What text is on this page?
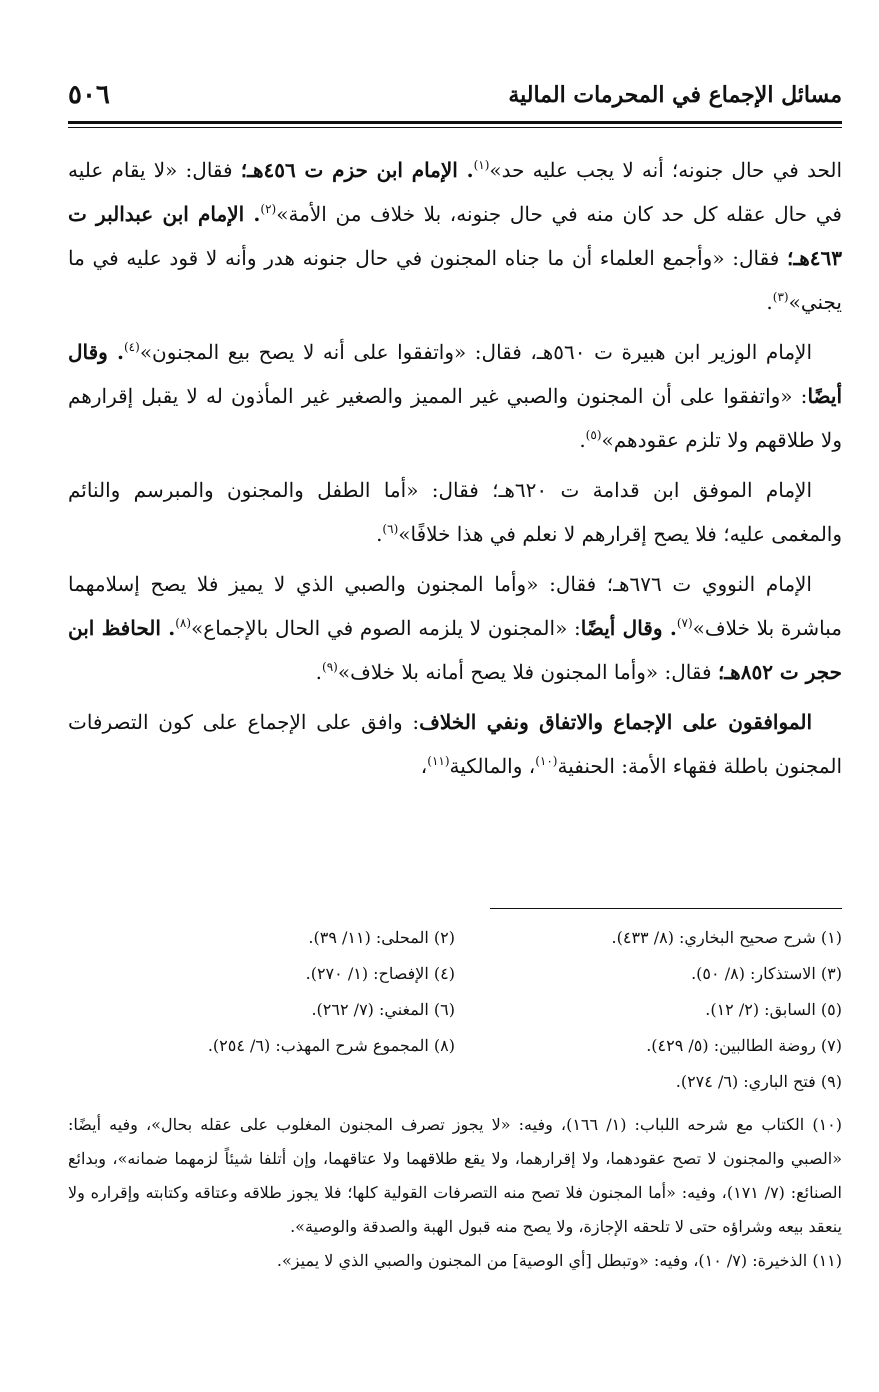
مسائل الإجماع في المحرمات المالية
٥٠٦

الحد في حال جنونه؛ أنه لا يجب عليه حد»$^{(١)}$. الإمام ابن حزم ت ٤٥٦هـ؛ فقال: «لا يقام عليه في حال عقله كل حد كان منه في حال جنونه، بلا خلاف من الأمة»$^{(٢)}$. الإمام ابن عبدالبر ت ٤٦٣هـ؛ فقال: «وأجمع العلماء أن ما جناه المجنون في حال جنونه هدر وأنه لا قود عليه في ما يجني»$^{(٣)}$.

الإمام الوزير ابن هبيرة ت ٥٦٠هـ، فقال: «واتفقوا على أنه لا يصح بيع المجنون»$^{(٤)}$. وقال أيضًا: «واتفقوا على أن المجنون والصبي غير المميز والصغير غير المأذون له لا يقبل إقرارهم ولا طلاقهم ولا تلزم عقودهم»$^{(٥)}$.

الإمام الموفق ابن قدامة ت ٦٢٠هـ؛ فقال: «أما الطفل والمجنون والمبرسم والنائم والمغمى عليه؛ فلا يصح إقرارهم لا نعلم في هذا خلافًا»$^{(٦)}$.

الإمام النووي ت ٦٧٦هـ؛ فقال: «وأما المجنون والصبي الذي لا يميز فلا يصح إسلامهما مباشرة بلا خلاف»$^{(٧)}$. وقال أيضًا: «المجنون لا يلزمه الصوم في الحال بالإجماع»$^{(٨)}$. الحافظ ابن حجر ت ٨٥٢هـ؛ فقال: «وأما المجنون فلا يصح أمانه بلا خلاف»$^{(٩)}$.

الموافقون على الإجماع والاتفاق ونفي الخلاف: وافق على الإجماع على كون التصرفات المجنون باطلة فقهاء الأمة: الحنفية$^{(١٠)}$، والمالكية$^{(١١)}$،

(١) شرح صحيح البخاري: (٨/ ٤٣٣).
(٢) المحلى: (١١/ ٣٩).
(٣) الاستذكار: (٨/ ٥٠).
(٤) الإفصاح: (١/ ٢٧٠).
(٥) السابق: (٢/ ١٢).
(٦) المغني: (٧/ ٢٦٢).
(٧) روضة الطالبين: (٥/ ٤٢٩).
(٨) المجموع شرح المهذب: (٦/ ٢٥٤).
(٩) فتح الباري: (٦/ ٢٧٤).

(١٠) الكتاب مع شرحه اللباب: (١/ ١٦٦)، وفيه: «لا يجوز تصرف المجنون المغلوب على عقله بحال»، وفيه أيضًا: «الصبي والمجنون لا تصح عقودهما، ولا إقرارهما، ولا يقع طلاقهما ولا عتاقهما، وإن أتلفا شيئاً لزمهما ضمانه»، وبدائع الصنائع: (٧/ ١٧١)، وفيه: «أما المجنون فلا تصح منه التصرفات القولية كلها؛ فلا يجوز طلاقه وعتاقه وكتابته وإقراره ولا ينعقد بيعه وشراؤه حتى لا تلحقه الإجازة، ولا يصح منه قبول الهبة والصدقة والوصية».

(١١) الذخيرة: (٧/ ١٠)، وفيه: «وتبطل [أي الوصية] من المجنون والصبي الذي لا يميز».
